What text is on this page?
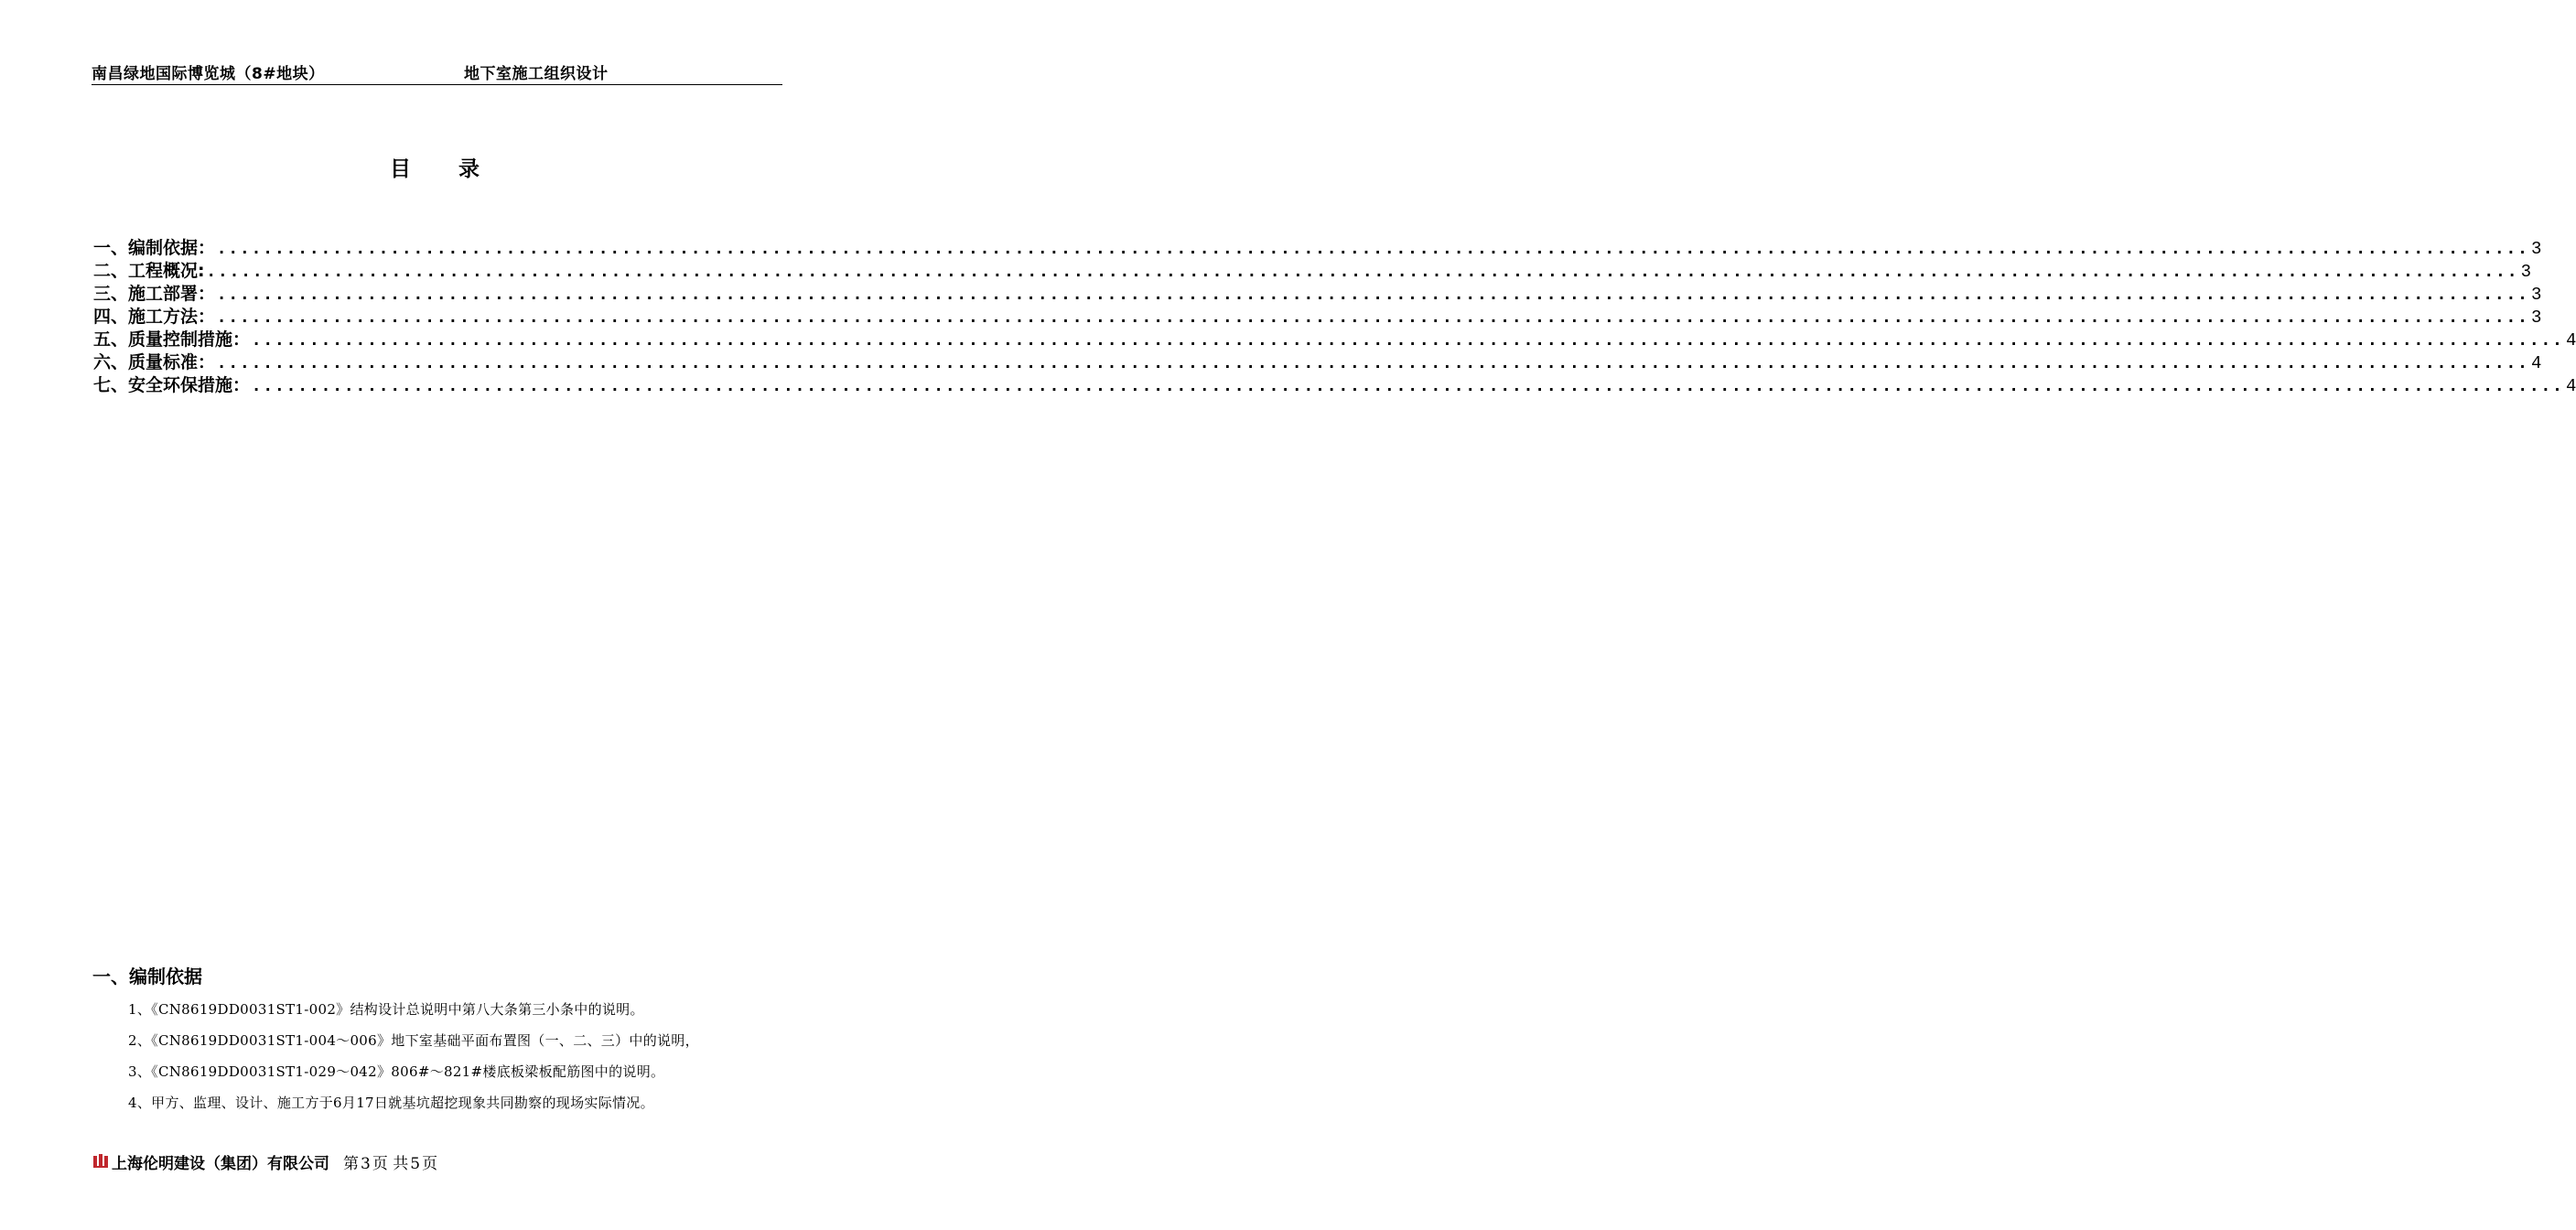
南昌绿地国际博览城（8#地块）	地下室施工组织设计
目录
一、编制依据： ........................................................................................................................................................................................................ 3
二、工程概况: ........................................................................................................................................................................................................ 3
三、施工部署： ........................................................................................................................................................................................................ 3
四、施工方法： ........................................................................................................................................................................................................ 3
五、质量控制措施： ........................................................................................................................................................................................................ 4
六、质量标准： ........................................................................................................................................................................................................ 4
七、安全环保措施： ........................................................................................................................................................................................................ 4
一、编制依据
1、《CN8619DD0031ST1-002》结构设计总说明中第八大条第三小条中的说明。
2、《CN8619DD0031ST1-004～006》地下室基础平面布置图（一、二、三）中的说明，
3、《CN8619DD0031ST1-029～042》806#～821#楼底板梁板配筋图中的说明。
4、甲方、监理、设计、施工方于6月17日就基坑超挖现象共同勘察的现场实际情况。
上海伦明建设（集团）有限公司 第 3 页 共 5 页
